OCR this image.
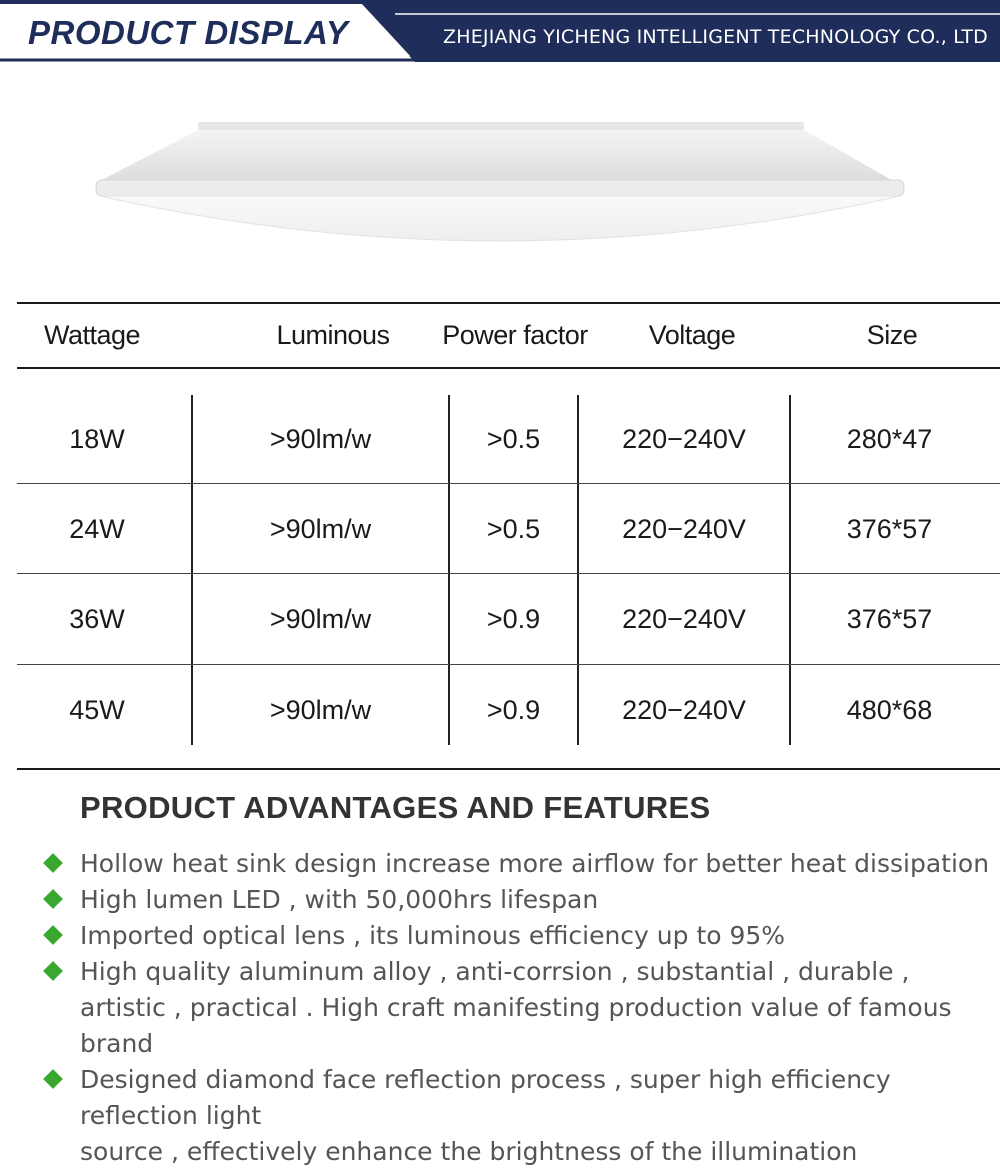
PRODUCT DISPLAY	ZHEJIANG YICHENG INTELLIGENT TECHNOLOGY CO., LTD
Wattage	Luminous	Power factor	Voltage	Size
18W	>90lm/w	>0.5	220−240V	280*47
24W	>90lm/w	>0.5	220−240V	376*57
36W	>90lm/w	>0.9	220−240V	376*57
45W	>90lm/w	>0.9	220−240V	480*68
PRODUCT ADVANTAGES AND FEATURES
Hollow heat sink design increase more airflow for better heat dissipation
High lumen LED , with 50,000hrs lifespan
Imported optical lens , its luminous efficiency up to 95%
High quality aluminum alloy , anti-corrsion , substantial , durable ,
artistic , practical . High craft manifesting production value of famous brand
Designed diamond face reflection process , super high efficiency reflection light
source , effectively enhance the brightness of the illumination
